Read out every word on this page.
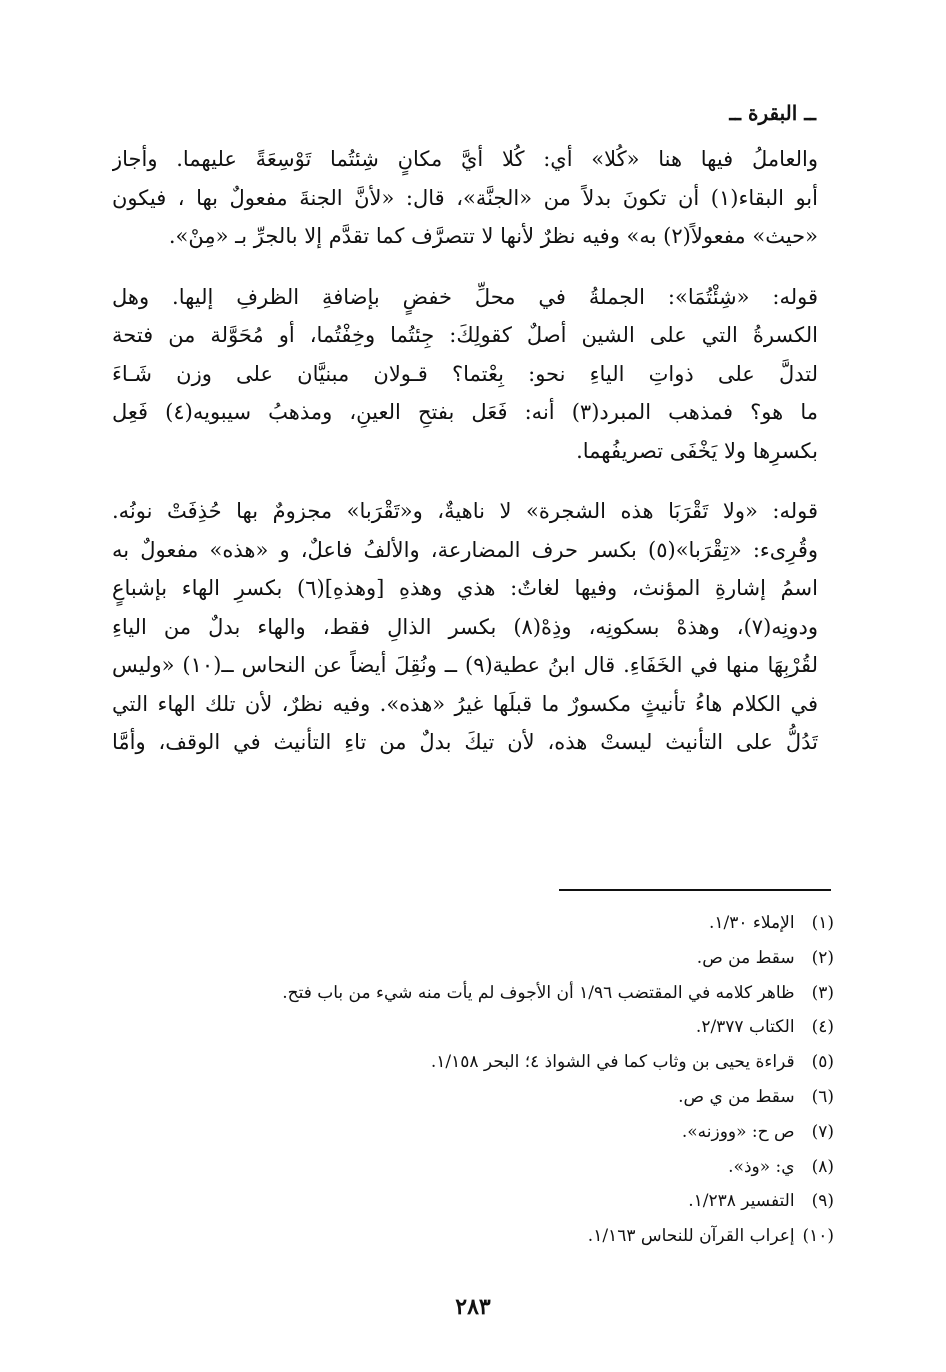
ــ البقرة ــ

والعاملُ فيها هنا «كُلا» أي: كُلا أيَّ مكانٍ شِئتُما تَوْسِعَةً عليهما. وأجاز
أبو البقاء(١) أن تكونَ بدلاً من «الجنَّة»، قال: «لأنَّ الجنةَ مفعولٌ بها ، فيكون
«حيث» مفعولاً(٢) به» وفيه نظرٌ لأنها لا تتصرَّف كما تقدَّم إلا بالجرِّ بـ «مِنْ».

قوله: «شِئْتُمَا»: الجملةُ في محلِّ خفضٍ بإضافةِ الظرفِ إليها. وهل
الكسرةُ التي على الشين أصلٌ كقولِكَ: جِئتُما وخِفْتُما، أو مُحَوَّلة من فتحة
لتدلَّ على ذواتِ الياءِ نحو: بِعْتما؟ قـولان مبنيَّان على وزن شَـاءَ
ما هو؟ فمذهب المبرد(٣) أنه: فَعَل بفتحِ العينِ، ومذهبُ سيبويه(٤) فَعِل
بكسرِها ولا يَخْفَى تصريفُهما.

قوله: «ولا تَقْرَبَا هذه الشجرة» لا ناهيةٌ، و«تَقْرَبا» مجزومٌ بها حُذِفَتْ نونُه.
وقُرِىء: «تِقْرَبا»(٥) بكسر حرف المضارعة، والألفُ فاعلٌ، و «هذه» مفعولٌ به
اسمُ إشارةِ المؤنث، وفيها لغاتٌ: هذي وهذهِ [وهذهِ](٦) بكسرِ الهاء بإشباعٍ
ودونِه(٧)، وهذهْ بسكونِه، وذِهْ(٨) بكسر الذالِ فقط، والهاء بدلٌ من الياءِ
لقُرْبِهَا منها في الخَفَاءِ. قال ابنُ عطية(٩) ــ ونُقِلَ أيضاً عن النحاس ــ(١٠) «وليس
في الكلام هاءُ تأنيثٍ مكسورٌ ما قبلَها غيرُ «هذه». وفيه نظرٌ، لأن تلك الهاء التي
تَدُلُّ على التأنيث ليستْ هذه، لأن تيكَ بدلٌ من تاءِ التأنيث في الوقف، وأمَّا

(١) الإملاء ١/٣٠.
(٢) سقط من ص.
(٣) ظاهر كلامه في المقتضب ١/٩٦ أن الأجوف لم يأت منه شيء من باب فتح.
(٤) الكتاب ٢/٣٧٧.
(٥) قراءة يحيى بن وثاب كما في الشواذ ٤؛ البحر ١/١٥٨.
(٦) سقط من ي ص.
(٧) ص ح: «ووزنه».
(٨) ي: «وذ».
(٩) التفسير ١/٢٣٨.
(١٠) إعراب القرآن للنحاس ١/١٦٣.
٢٨٣
